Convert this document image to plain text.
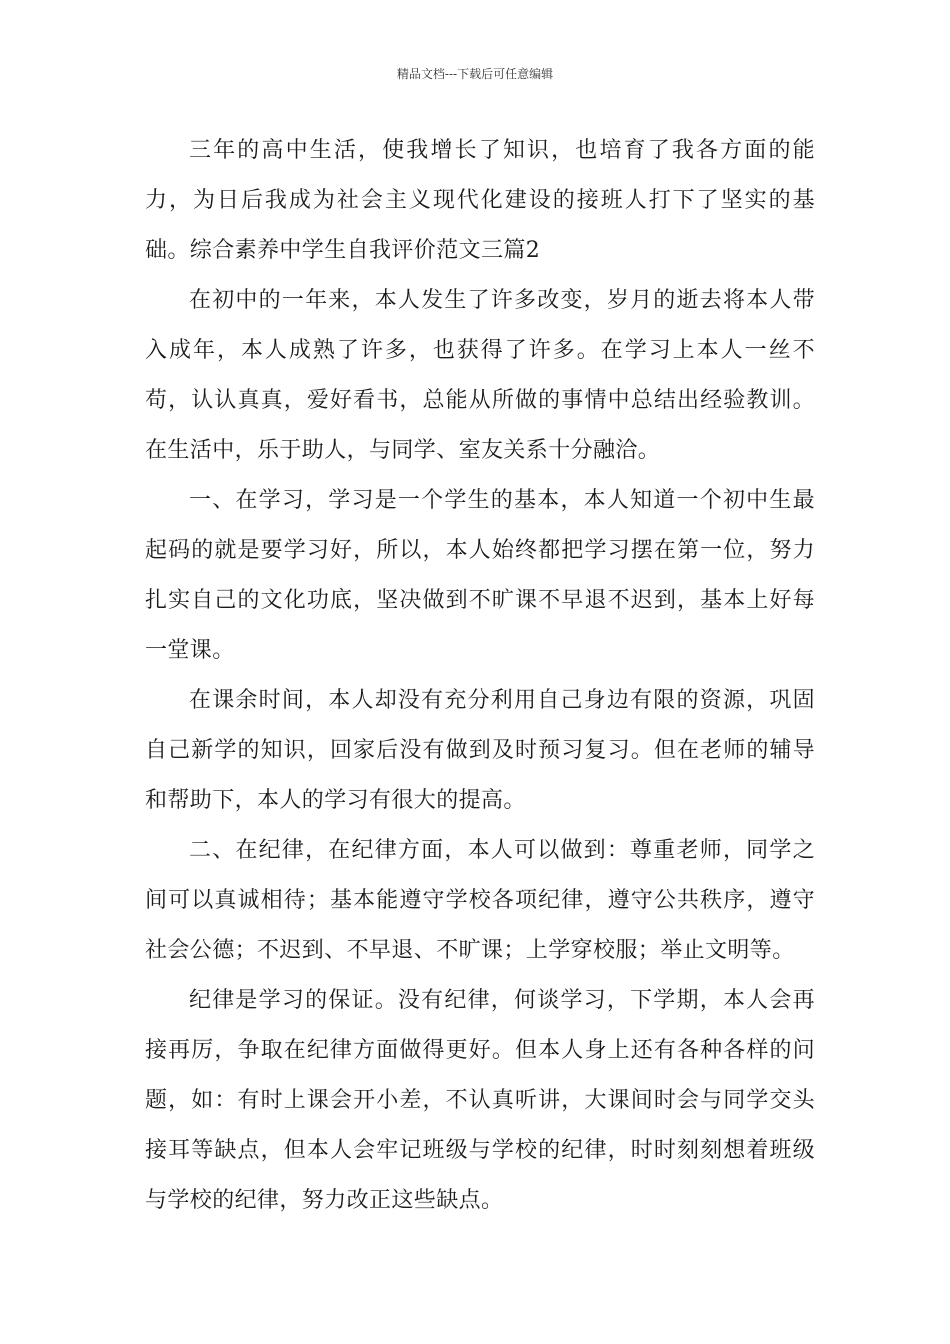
精品文档---下载后可任意编辑

三年的高中生活，使我增长了知识，也培育了我各方面的能力，为日后我成为社会主义现代化建设的接班人打下了坚实的基础。综合素养中学生自我评价范文三篇2

在初中的一年来，本人发生了许多改变，岁月的逝去将本人带入成年，本人成熟了许多，也获得了许多。在学习上本人一丝不苟，认认真真，爱好看书，总能从所做的事情中总结出经验教训。在生活中，乐于助人，与同学、室友关系十分融洽。

一、在学习，学习是一个学生的基本，本人知道一个初中生最起码的就是要学习好，所以，本人始终都把学习摆在第一位，努力扎实自己的文化功底，坚决做到不旷课不早退不迟到，基本上好每一堂课。

在课余时间，本人却没有充分利用自己身边有限的资源，巩固自己新学的知识，回家后没有做到及时预习复习。但在老师的辅导和帮助下，本人的学习有很大的提高。

二、在纪律，在纪律方面，本人可以做到：尊重老师，同学之间可以真诚相待；基本能遵守学校各项纪律，遵守公共秩序，遵守社会公德；不迟到、不早退、不旷课；上学穿校服；举止文明等。

纪律是学习的保证。没有纪律，何谈学习，下学期，本人会再接再厉，争取在纪律方面做得更好。但本人身上还有各种各样的问题，如：有时上课会开小差，不认真听讲，大课间时会与同学交头接耳等缺点，但本人会牢记班级与学校的纪律，时时刻刻想着班级与学校的纪律，努力改正这些缺点。
